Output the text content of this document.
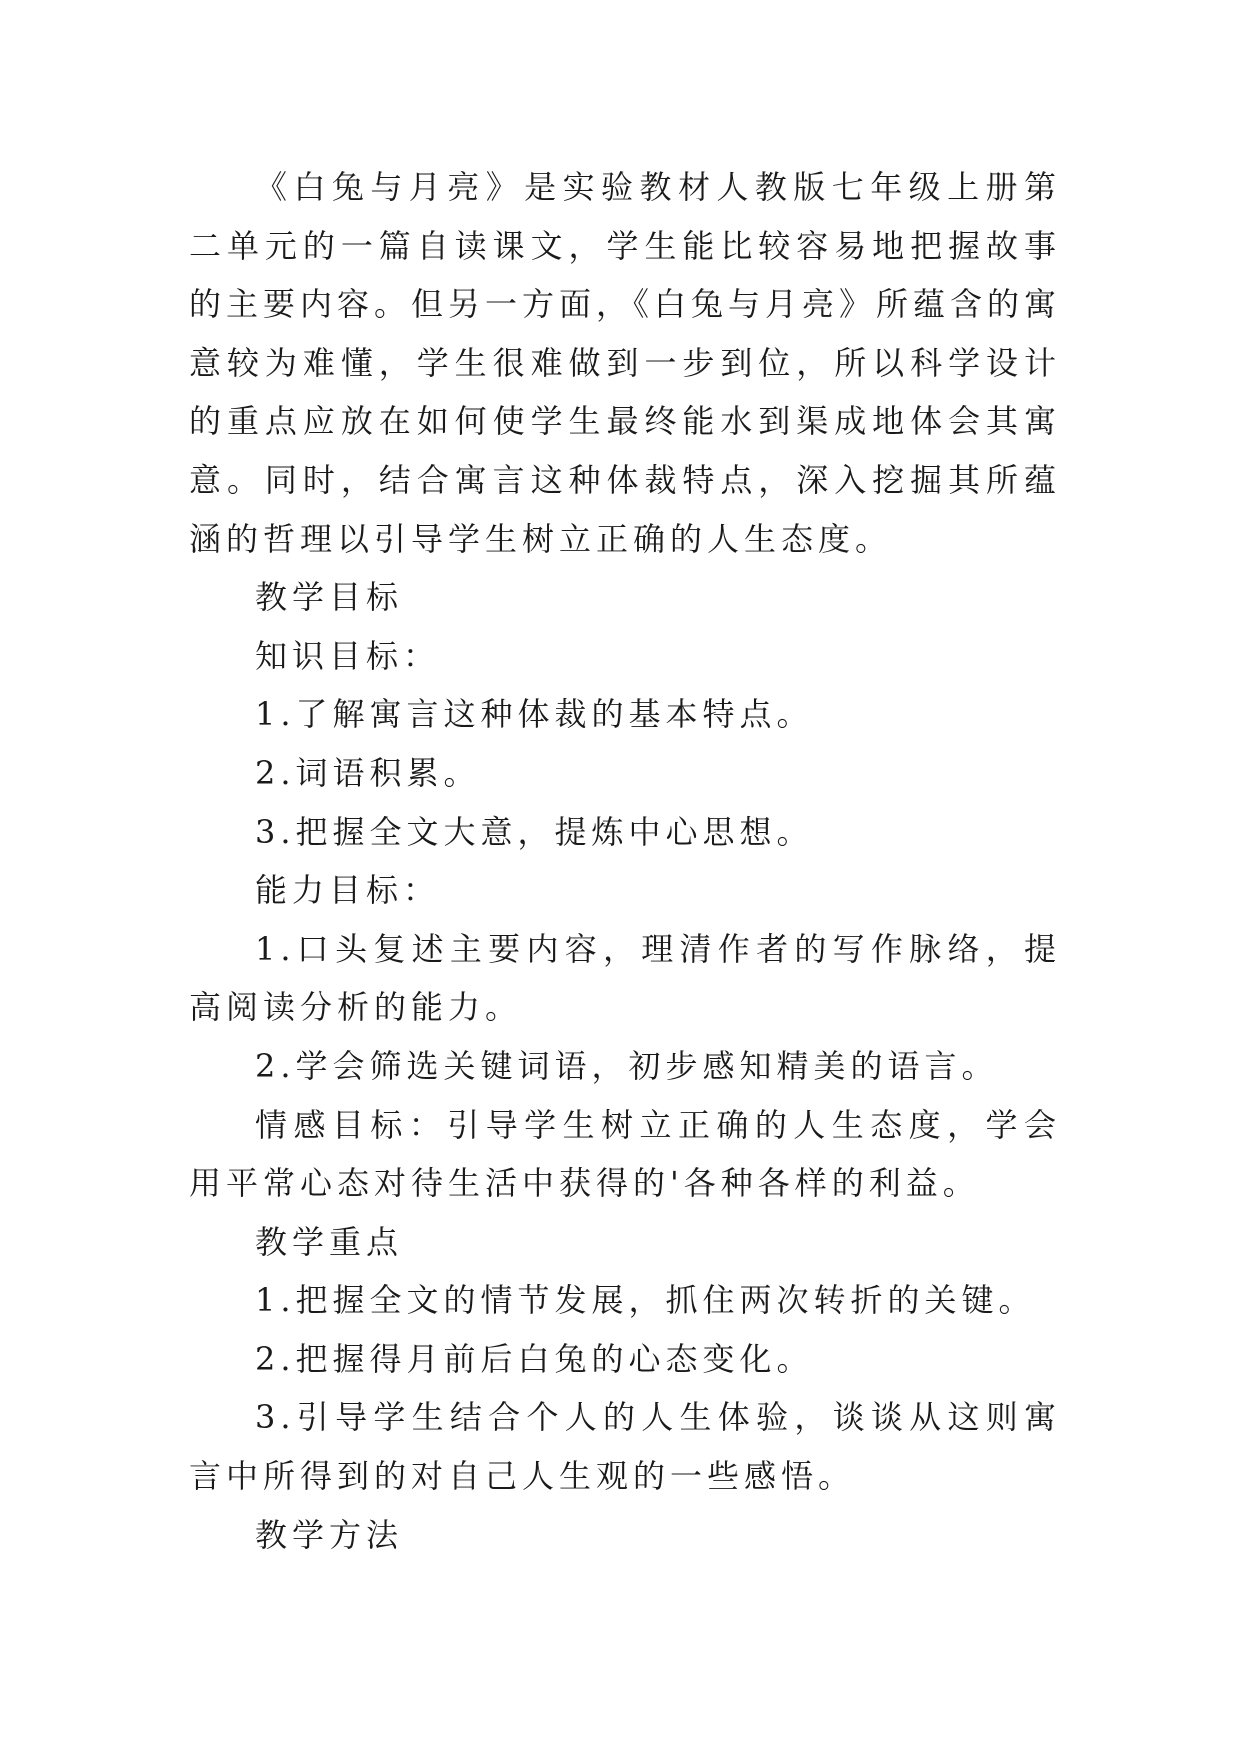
《白兔与月亮》是实验教材人教版七年级上册第二单元的一篇自读课文，学生能比较容易地把握故事的主要内容。但另一方面，《白兔与月亮》所蕴含的寓意较为难懂，学生很难做到一步到位，所以科学设计的重点应放在如何使学生最终能水到渠成地体会其寓意。同时，结合寓言这种体裁特点，深入挖掘其所蕴涵的哲理以引导学生树立正确的人生态度。

教学目标

知识目标：

1.了解寓言这种体裁的基本特点。

2.词语积累。

3.把握全文大意，提炼中心思想。

能力目标：

1.口头复述主要内容，理清作者的写作脉络，提高阅读分析的能力。

2.学会筛选关键词语，初步感知精美的语言。

情感目标：引导学生树立正确的人生态度，学会用平常心态对待生活中获得的'各种各样的利益。

教学重点

1.把握全文的情节发展，抓住两次转折的关键。

2.把握得月前后白兔的心态变化。

3.引导学生结合个人的人生体验，谈谈从这则寓言中所得到的对自己人生观的一些感悟。

教学方法
